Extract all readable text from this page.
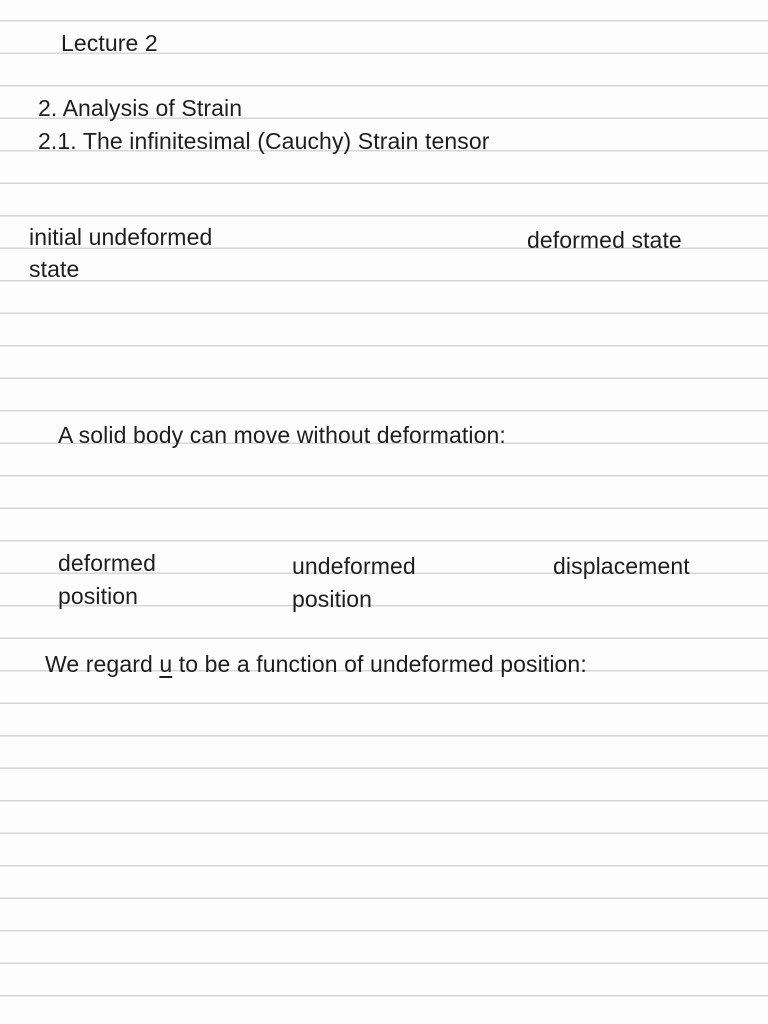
Lecture 2
2. Analysis of Strain
2.1. The infinitesimal (Cauchy) Strain tensor
initial undeformed
state
deformed state
A solid body can move without deformation:
deformed
position
undeformed
position
displacement
We regard u to be a function of undeformed position:
